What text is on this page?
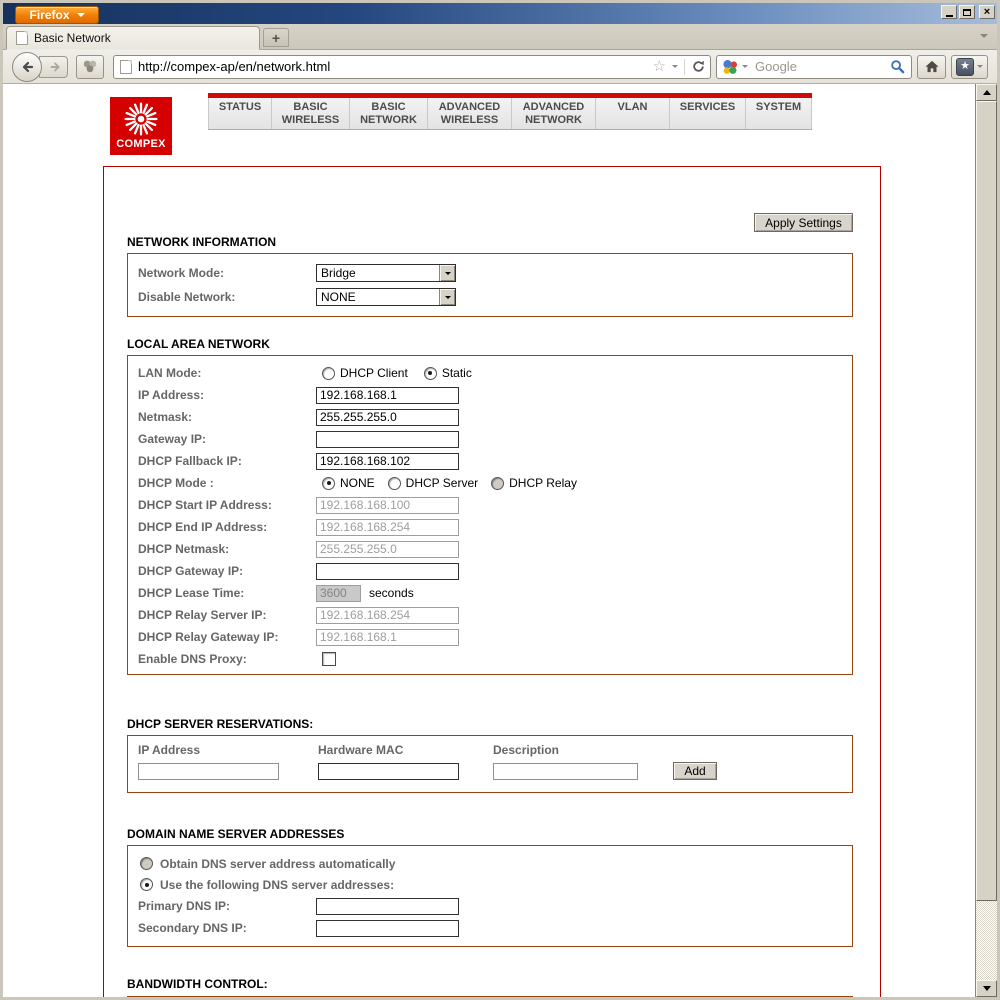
Firefox	×
Basic Network	+
http://compex-ap/en/network.html
☆
Google	★
COMPEX
STATUS	BASIC
WIRELESS
BASIC
NETWORK
ADVANCED
WIRELESS
ADVANCED
NETWORK
VLAN	SERVICES	SYSTEM
Apply Settings
NETWORK INFORMATION
Network Mode:	Bridge
Disable Network:	NONE
LOCAL AREA NETWORK
LAN Mode:	DHCP Client	Static
IP Address:
192.168.168.1
Netmask:
255.255.255.0
Gateway IP:
DHCP Fallback IP:
192.168.168.102
DHCP Mode :	NONE	DHCP Server	DHCP Relay
DHCP Start IP Address:
192.168.168.100
DHCP End IP Address:
192.168.168.254
DHCP Netmask:
255.255.255.0
DHCP Gateway IP:
DHCP Lease Time:
3600	seconds
DHCP Relay Server IP:
192.168.168.254
DHCP Relay Gateway IP:
192.168.168.1
Enable DNS Proxy:
DHCP SERVER RESERVATIONS:
IP Address	Hardware MAC	Description
Add
DOMAIN NAME SERVER ADDRESSES
Obtain DNS server address automatically
Use the following DNS server addresses:
Primary DNS IP:
Secondary DNS IP:
BANDWIDTH CONTROL:
